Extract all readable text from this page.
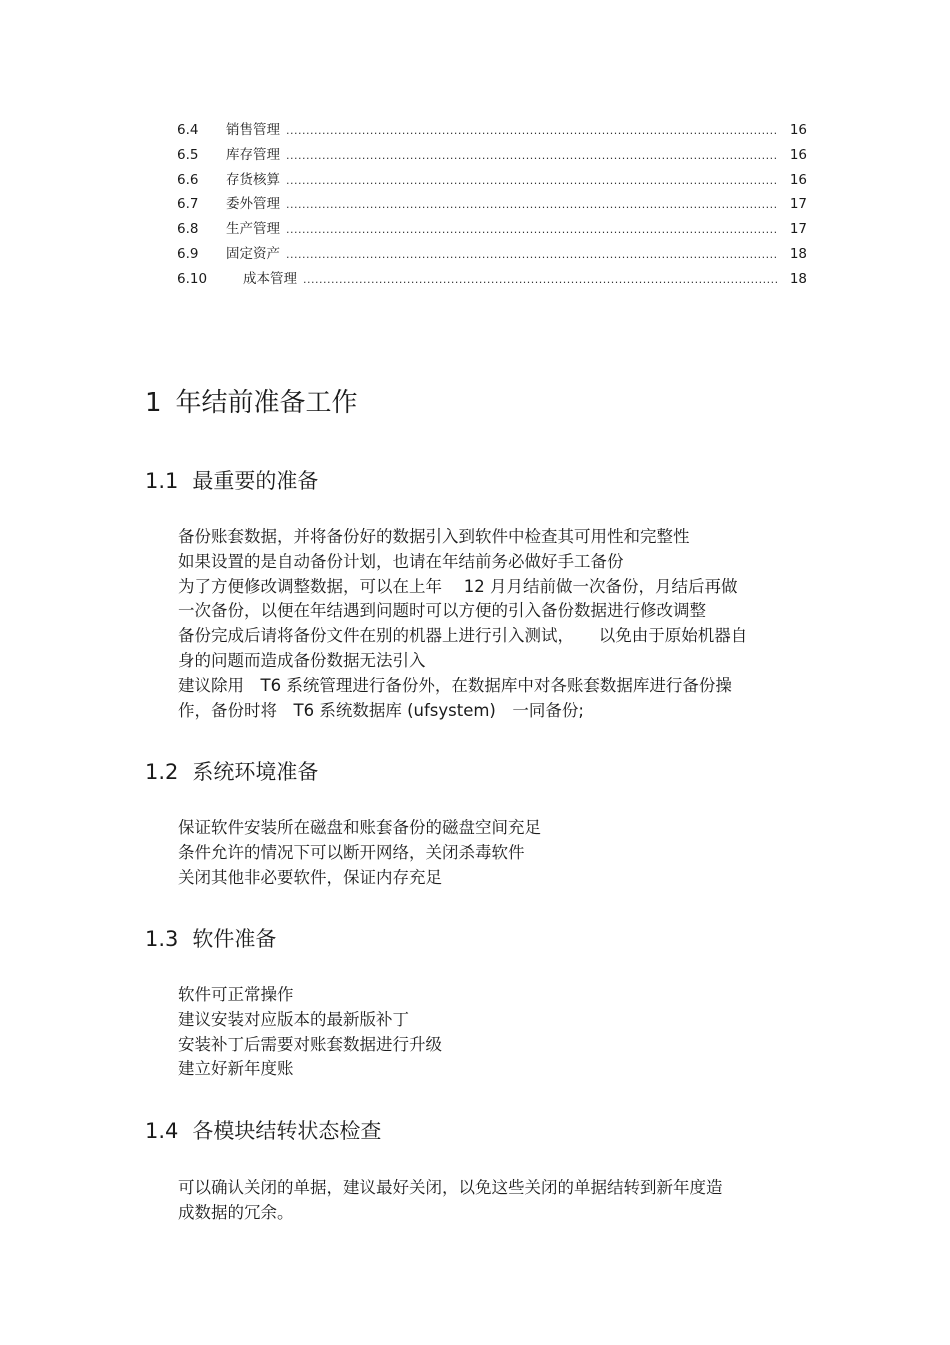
6.4	销售管理 .....	16
6.5	库存管理 .....	16
6.6	存货核算 .....	16
6.7	委外管理 .....	17
6.8	生产管理 .....	17
6.9	固定资产 .....	18
6.10	成本管理 .....	18
1 年结前准备工作
1.1 最重要的准备
备份账套数据，并将备份好的数据引入到软件中检查其可用性和完整性
如果设置的是自动备份计划，也请在年结前务必做好手工备份
为了方便修改调整数据，可以在上年　 12 月月结前做一次备份，月结后再做
一次备份，以便在年结遇到问题时可以方便的引入备份数据进行修改调整
备份完成后请将备份文件在别的机器上进行引入测试，　　以免由于原始机器自
身的问题而造成备份数据无法引入
建议除用　T6 系统管理进行备份外，在数据库中对各账套数据库进行备份操
作，备份时将　T6 系统数据库 (ufsystem)　一同备份;
1.2 系统环境准备
保证软件安装所在磁盘和账套备份的磁盘空间充足
条件允许的情况下可以断开网络，关闭杀毒软件
关闭其他非必要软件，保证内存充足
1.3 软件准备
软件可正常操作
建议安装对应版本的最新版补丁
安装补丁后需要对账套数据进行升级
建立好新年度账
1.4 各模块结转状态检查
可以确认关闭的单据，建议最好关闭，以免这些关闭的单据结转到新年度造
成数据的冗余。
